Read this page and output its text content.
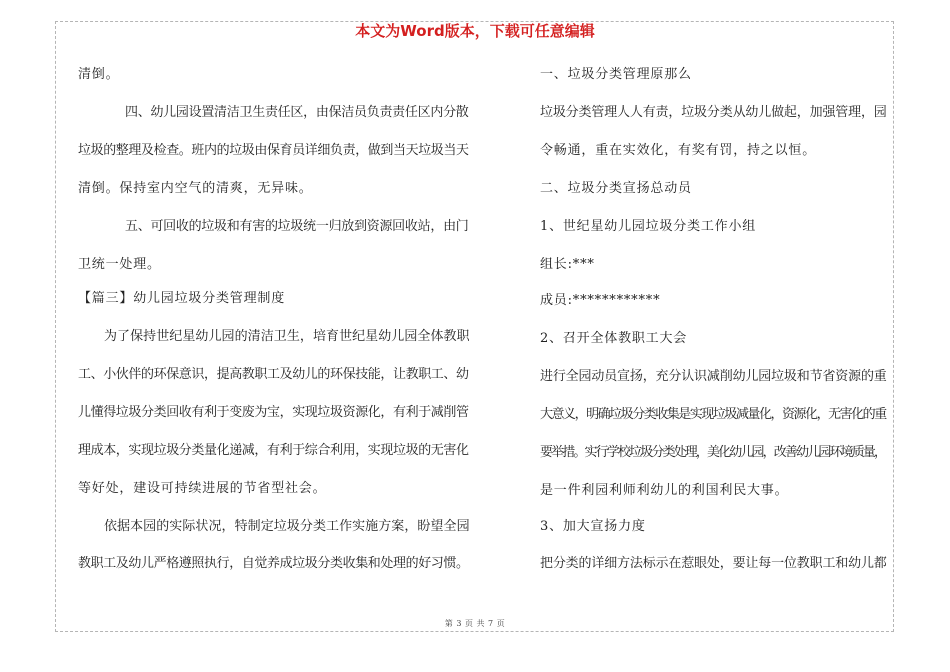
本文为Word版本，下载可任意编辑
清倒。
四、幼儿园设置清洁卫生责任区，由保洁员负责责任区内分散
垃圾的整理及检查。班内的垃圾由保育员详细负责，做到当天垃圾当天
清倒。保持室内空气的清爽，无异味。
五、可回收的垃圾和有害的垃圾统一归放到资源回收站，由门
卫统一处理。
【篇三】幼儿园垃圾分类管理制度
为了保持世纪星幼儿园的清洁卫生，培育世纪星幼儿园全体教职
工、小伙伴的环保意识，提高教职工及幼儿的环保技能，让教职工、幼
儿懂得垃圾分类回收有利于变废为宝，实现垃圾资源化，有利于减削管
理成本，实现垃圾分类量化递减，有利于综合利用，实现垃圾的无害化
等好处，建设可持续进展的节省型社会。
依据本园的实际状况，特制定垃圾分类工作实施方案，盼望全园
教职工及幼儿严格遵照执行，自觉养成垃圾分类收集和处理的好习惯。
一、垃圾分类管理原那么
垃圾分类管理人人有责，垃圾分类从幼儿做起，加强管理，园
令畅通，重在实效化，有奖有罚，持之以恒。
二、垃圾分类宣扬总动员
1、世纪星幼儿园垃圾分类工作小组
组长:***
成员:************
2、召开全体教职工大会
进行全园动员宣扬，充分认识减削幼儿园垃圾和节省资源的重
大意义，明确垃圾分类收集是实现垃圾减量化，资源化，无害化的重
要举措。实行学校垃圾分类处理，美化幼儿园，改善幼儿园环境质量，
是一件利园利师利幼儿的利国利民大事。
3、加大宣扬力度
把分类的详细方法标示在惹眼处，要让每一位教职工和幼儿都
第 3 页 共 7 页
